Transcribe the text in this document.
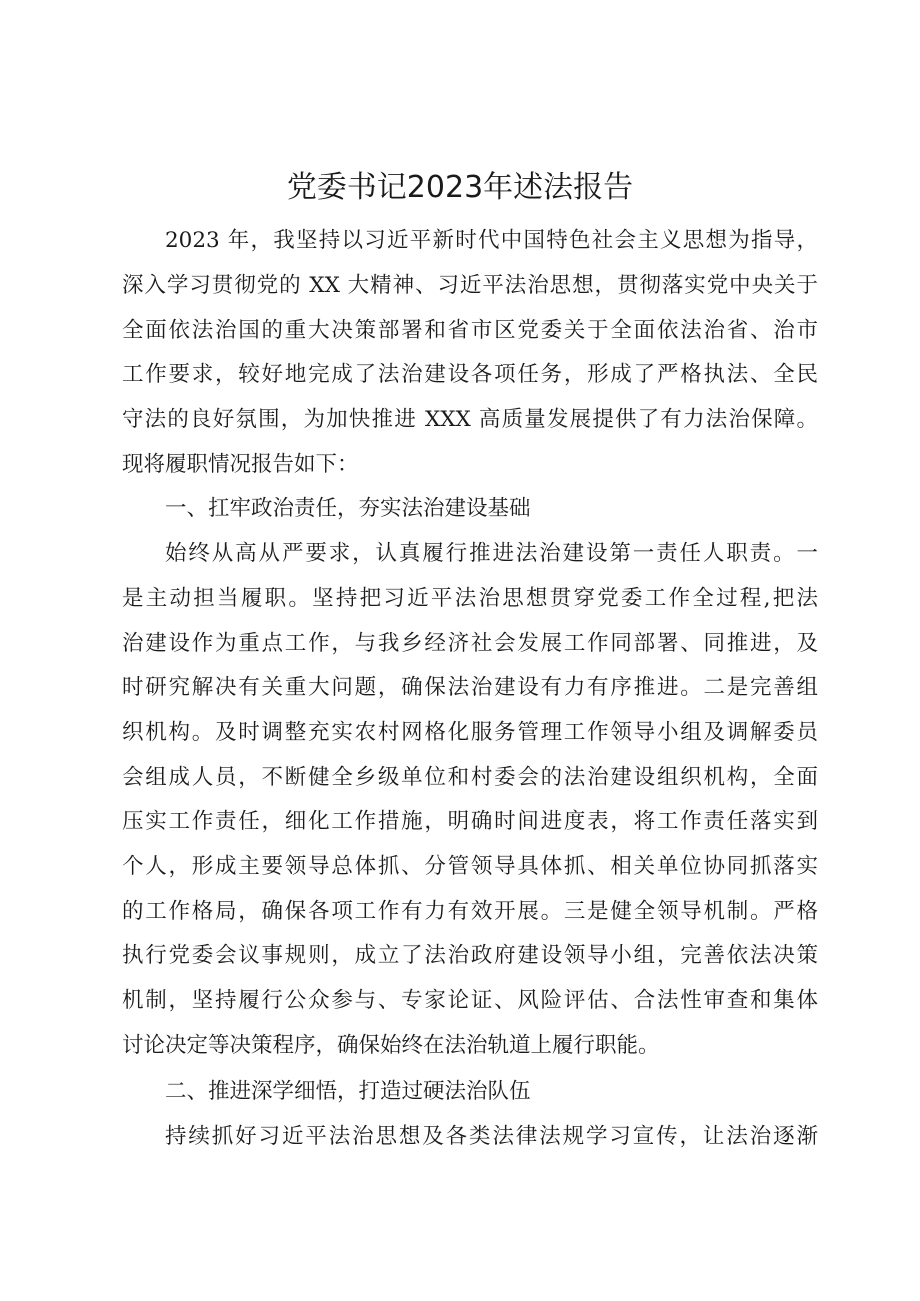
党委书记2023年述法报告
2023 年，我坚持以习近平新时代中国特色社会主义思想为指导，
深入学习贯彻党的 XX 大精神、习近平法治思想，贯彻落实党中央关于
全面依法治国的重大决策部署和省市区党委关于全面依法治省、治市
工作要求，较好地完成了法治建设各项任务，形成了严格执法、全民
守法的良好氛围，为加快推进 XXX 高质量发展提供了有力法治保障。
现将履职情况报告如下：
一、扛牢政治责任，夯实法治建设基础
始终从高从严要求，认真履行推进法治建设第一责任人职责。一
是主动担当履职。坚持把习近平法治思想贯穿党委工作全过程,把法
治建设作为重点工作，与我乡经济社会发展工作同部署、同推进，及
时研究解决有关重大问题，确保法治建设有力有序推进。二是完善组
织机构。及时调整充实农村网格化服务管理工作领导小组及调解委员
会组成人员，不断健全乡级单位和村委会的法治建设组织机构，全面
压实工作责任，细化工作措施，明确时间进度表，将工作责任落实到
个人，形成主要领导总体抓、分管领导具体抓、相关单位协同抓落实
的工作格局，确保各项工作有力有效开展。三是健全领导机制。严格
执行党委会议事规则，成立了法治政府建设领导小组，完善依法决策
机制，坚持履行公众参与、专家论证、风险评估、合法性审查和集体
讨论决定等决策程序，确保始终在法治轨道上履行职能。
二、推进深学细悟，打造过硬法治队伍
持续抓好习近平法治思想及各类法律法规学习宣传，让法治逐渐
